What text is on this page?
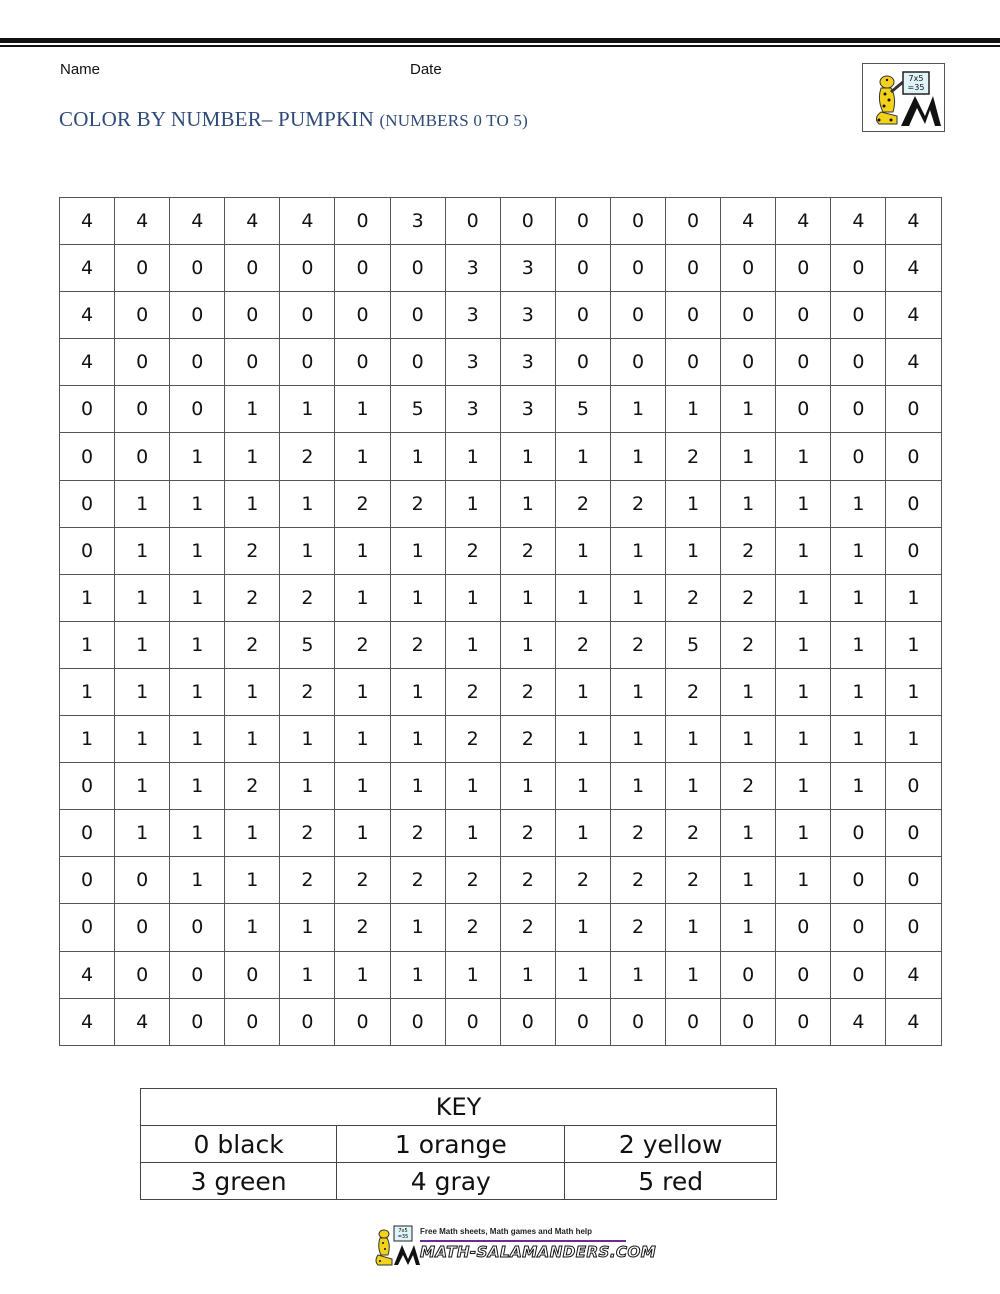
Name	Date
COLOR BY NUMBER– PUMPKIN (NUMBERS 0 TO 5)
7x5
=35
4	4	4	4	4	0	3	0	0	0	0	0	4	4	4	4
4	0	0	0	0	0	0	3	3	0	0	0	0	0	0	4
4	0	0	0	0	0	0	3	3	0	0	0	0	0	0	4
4	0	0	0	0	0	0	3	3	0	0	0	0	0	0	4
0	0	0	1	1	1	5	3	3	5	1	1	1	0	0	0
0	0	1	1	2	1	1	1	1	1	1	2	1	1	0	0
0	1	1	1	1	2	2	1	1	2	2	1	1	1	1	0
0	1	1	2	1	1	1	2	2	1	1	1	2	1	1	0
1	1	1	2	2	1	1	1	1	1	1	2	2	1	1	1
1	1	1	2	5	2	2	1	1	2	2	5	2	1	1	1
1	1	1	1	2	1	1	2	2	1	1	2	1	1	1	1
1	1	1	1	1	1	1	2	2	1	1	1	1	1	1	1
0	1	1	2	1	1	1	1	1	1	1	1	2	1	1	0
0	1	1	1	2	1	2	1	2	1	2	2	1	1	0	0
0	0	1	1	2	2	2	2	2	2	2	2	1	1	0	0
0	0	0	1	1	2	1	2	2	1	2	1	1	0	0	0
4	0	0	0	1	1	1	1	1	1	1	1	0	0	0	4
4	4	0	0	0	0	0	0	0	0	0	0	0	0	4	4
KEY		
0 black	1 orange	2 yellow
3 green	4 gray	5 red
7x5
=35
Free Math sheets, Math games and Math help
MATH-SALAMANDERS.COM
